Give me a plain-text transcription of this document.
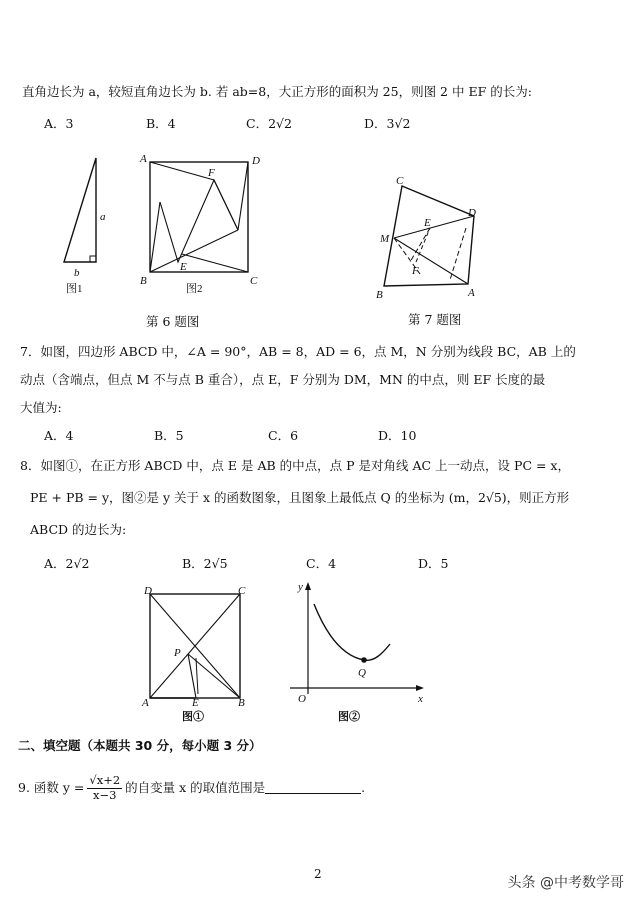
直角边长为 a，较短直角边长为 b. 若 ab=8，大正方形的面积为 25，则图 2 中 EF 的长为:
A．3	B．4	C．2√2	D．3√2
a
b
图1
A	D
F
E
B	C
图2
第 6 题图
C
D
E
M
F
B	A
第 7 题图
7．如图，四边形 ABCD 中，∠A = 90°，AB = 8，AD = 6，点 M，N 分别为线段 BC，AB 上的
动点（含端点，但点 M 不与点 B 重合），点 E，F 分别为 DM，MN 的中点，则 EF 长度的最
大值为:
A．4	B．5	C．6	D．10
8．如图①，在正方形 ABCD 中，点 E 是 AB 的中点，点 P 是对角线 AC 上一动点，设 PC = x，
PE + PB = y，图②是 y 关于 x 的函数图象，且图象上最低点 Q 的坐标为 (m，2√5)，则正方形
ABCD 的边长为:
A．2√2	B．2√5	C．4	D．5
D	C
P
A	E	B
图①
y
O
Q
x
图②
二、填空题（本题共 30 分，每小题 3 分）
9. 函数 $y = \frac{√x+2}{x-3}$ 的自变量 x 的取值范围是	.
2
头条 @中考数学哥
